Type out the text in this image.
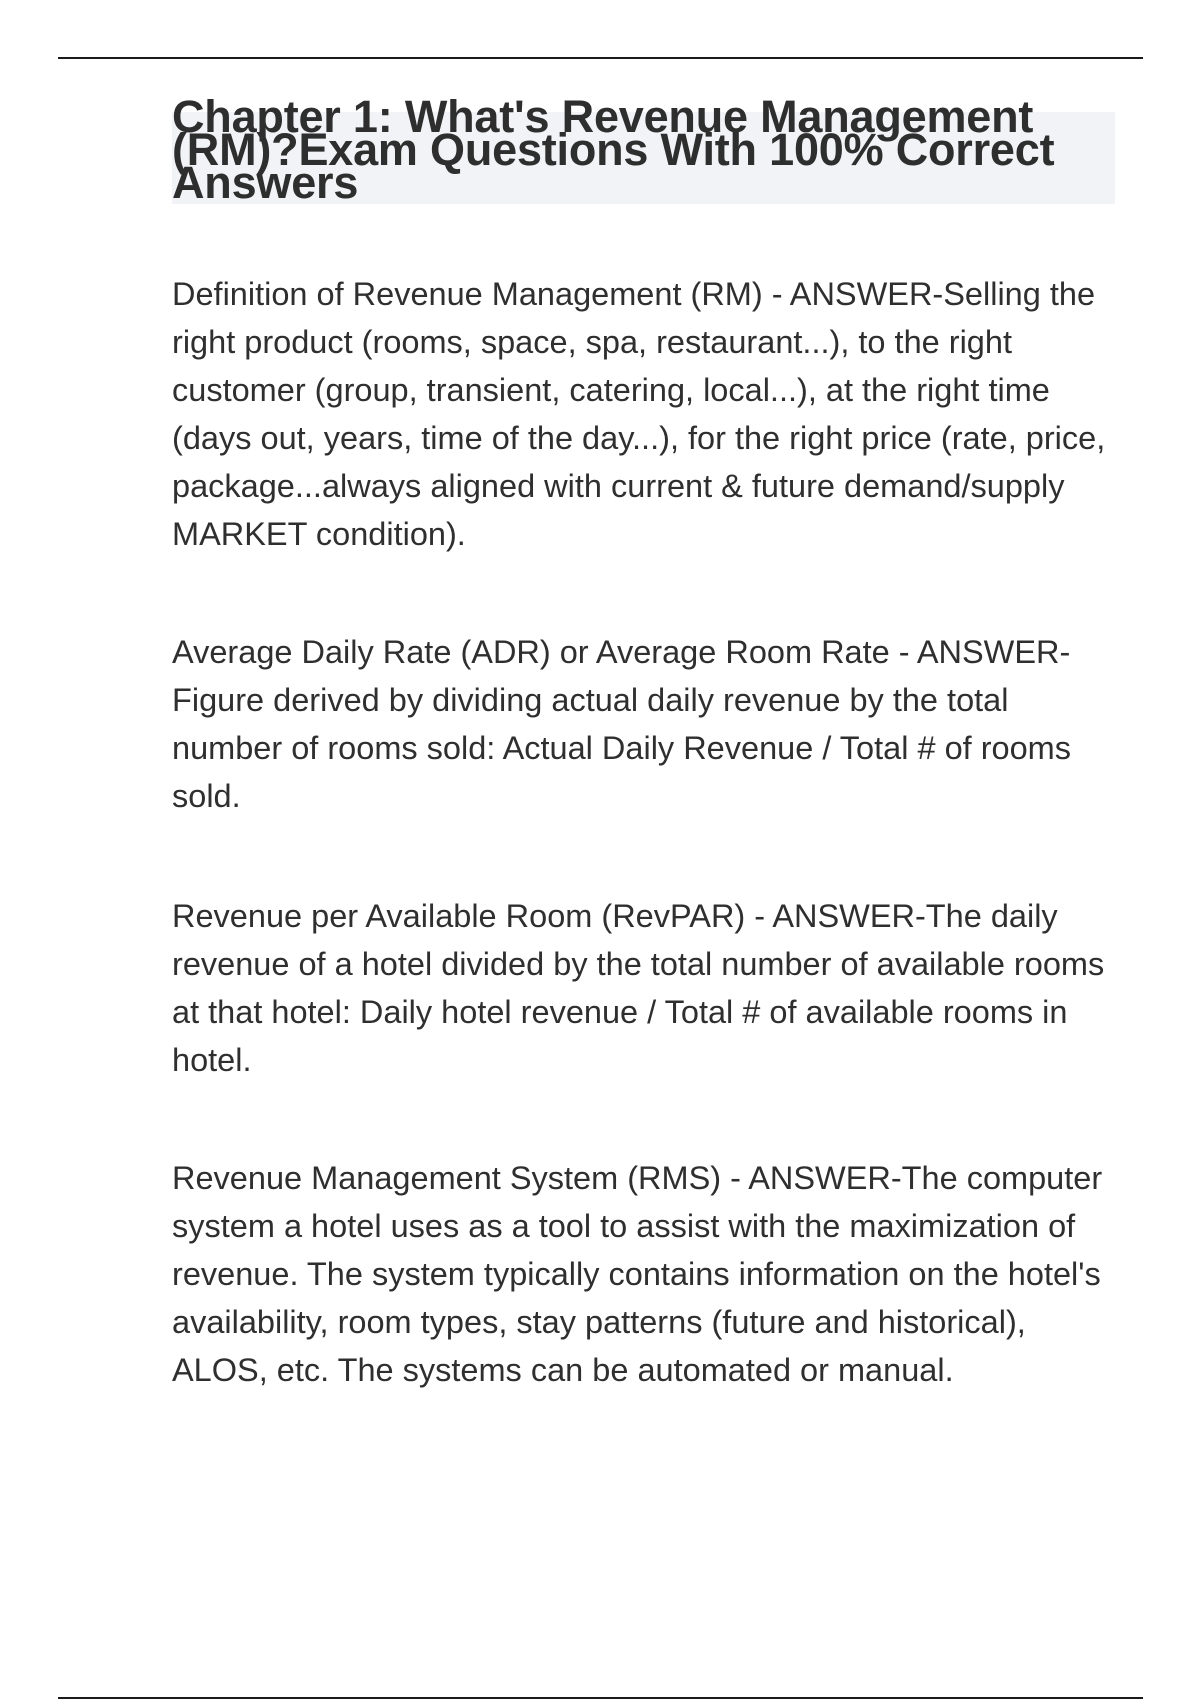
Chapter 1: What's Revenue Management (RM)?Exam Questions With 100% Correct Answers

Definition of Revenue Management (RM) - ANSWER-Selling the right product (rooms, space, spa, restaurant...), to the right customer (group, transient, catering, local...), at the right time (days out, years, time of the day...), for the right price (rate, price, package...always aligned with current & future demand/supply MARKET condition).

Average Daily Rate (ADR) or Average Room Rate - ANSWER-Figure derived by dividing actual daily revenue by the total number of rooms sold: Actual Daily Revenue / Total # of rooms sold.

Revenue per Available Room (RevPAR) - ANSWER-The daily revenue of a hotel divided by the total number of available rooms at that hotel: Daily hotel revenue / Total # of available rooms in hotel.

Revenue Management System (RMS) - ANSWER-The computer system a hotel uses as a tool to assist with the maximization of revenue. The system typically contains information on the hotel's availability, room types, stay patterns (future and historical), ALOS, etc. The systems can be automated or manual.
